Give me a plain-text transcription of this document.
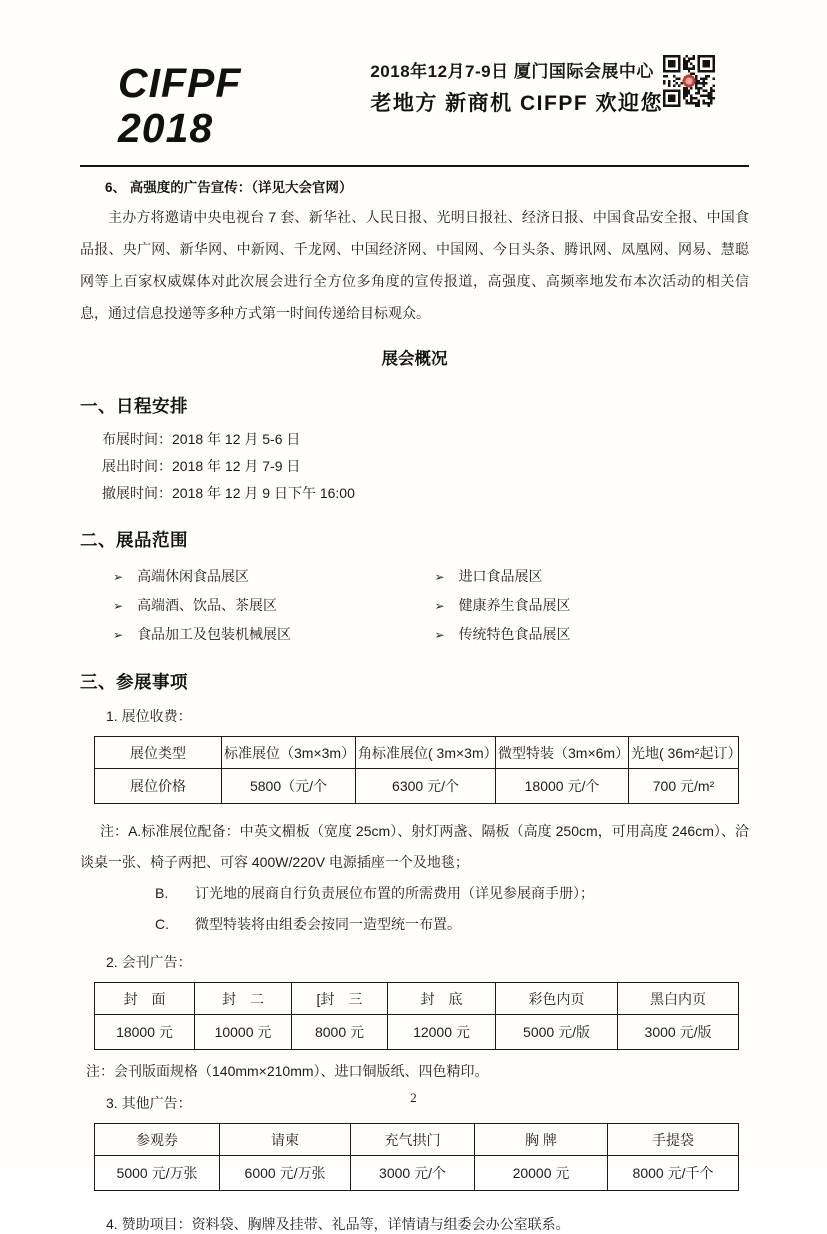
CIFPF 2018
2018年12月7-9日 厦门国际会展中心
老地方 新商机 CIFPF 欢迎您
6、 高强度的广告宣传：（详见大会官网）
主办方将邀请中央电视台 7 套、新华社、人民日报、光明日报社、经济日报、中国食品安全报、中国食品报、央广网、新华网、中新网、千龙网、中国经济网、中国网、今日头条、腾讯网、凤凰网、网易、慧聪网等上百家权威媒体对此次展会进行全方位多角度的宣传报道，高强度、高频率地发布本次活动的相关信息，通过信息投递等多种方式第一时间传递给目标观众。
展会概况
一、日程安排
布展时间：2018 年 12 月 5-6 日
展出时间：2018 年 12 月 7-9 日
撤展时间：2018 年 12 月 9 日下午 16:00
二、展品范围
➢ 高端休闲食品展区
➢ 高端酒、饮品、茶展区
➢ 食品加工及包装机械展区
➢ 进口食品展区
➢ 健康养生食品展区
➢ 传统特色食品展区
三、参展事项
1. 展位收费：
展位类型	标准展位（3m×3m）	角标准展位( 3m×3m）	微型特装（3m×6m）	光地( 36m²起订）
展位价格	5800（元/个	6300 元/个	18000 元/个	700 元/m²
注：A.标准展位配备：中英文楣板（宽度 25cm）、射灯两盏、隔板（高度 250cm，可用高度 246cm）、洽谈桌一张、椅子两把、可容 400W/220V 电源插座一个及地毯；
B. 订光地的展商自行负责展位布置的所需费用（详见参展商手册）；
C. 微型特装将由组委会按同一造型统一布置。
2. 会刊广告：
封　面	封　二	[封　三	封　底	彩色内页	黑白内页
18000 元	10000 元	8000 元	12000 元	5000 元/版	3000 元/版
注：会刊版面规格（140mm×210mm）、进口铜版纸、四色精印。
3. 其他广告：
参观券	请柬	充气拱门	胸 牌	手提袋
5000 元/万张	6000 元/万张	3000 元/个	20000 元	8000 元/千个
4. 赞助项目：资料袋、胸牌及挂带、礼品等，详情请与组委会办公室联系。
2
